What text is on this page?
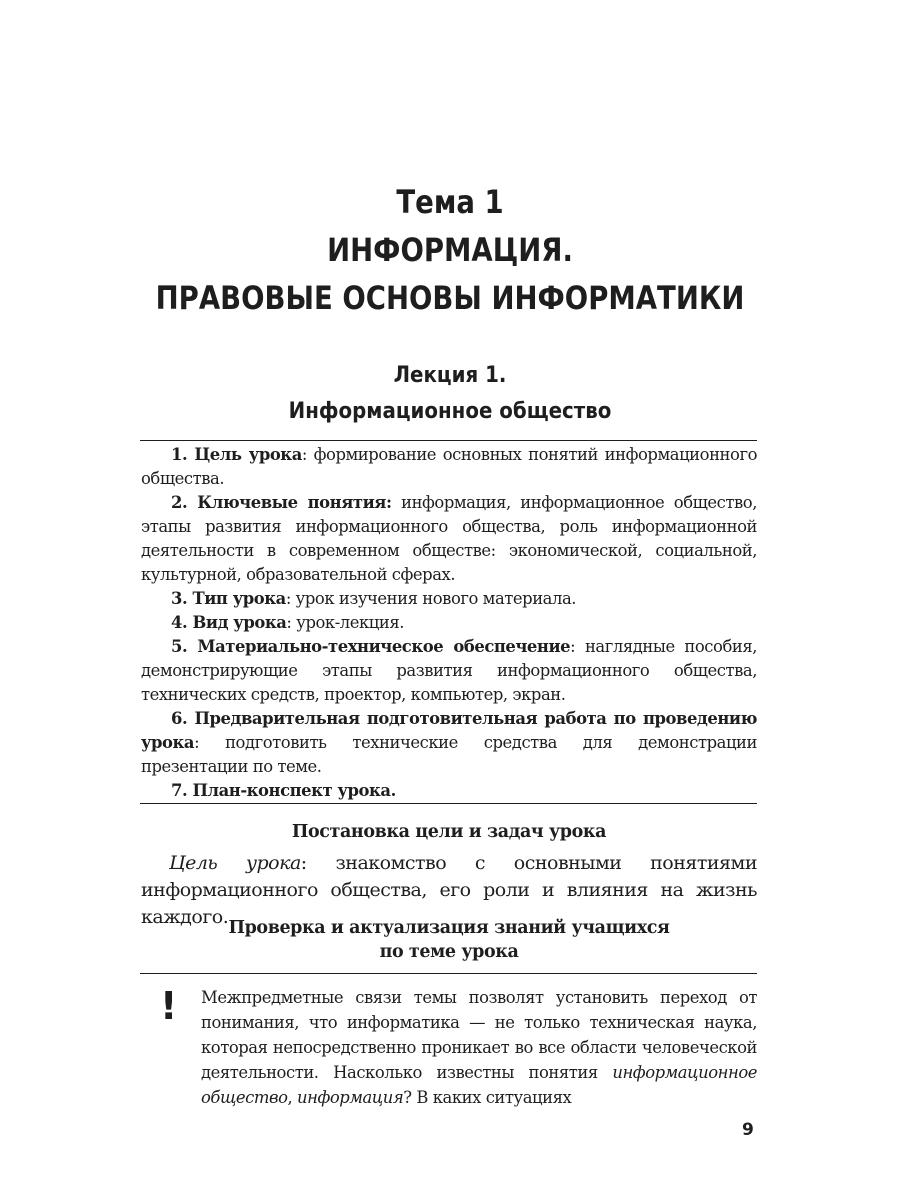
Тема 1
ИНФОРМАЦИЯ.
ПРАВОВЫЕ ОСНОВЫ ИНФОРМАТИКИ
Лекция 1.
Информационное общество

1. Цель урока: формирование основных понятий информационного общества.

2. Ключевые понятия: информация, информационное общество, этапы развития информационного общества, роль информационной деятельности в современном обществе: экономической, социальной, культурной, образовательной сферах.

3. Тип урока: урок изучения нового материала.

4. Вид урока: урок-лекция.

5. Материально-техническое обеспечение: наглядные пособия, демонстрирующие этапы развития информационного общества, технических средств, проектор, компьютер, экран.

6. Предварительная подготовительная работа по проведению урока: подготовить технические средства для демонстрации презентации по теме.

7. План-конспект урока.

Постановка цели и задач урока

Цель урока: знакомство с основными понятиями информационного общества, его роли и влияния на жизнь каждого. Проверка и актуализация знаний учащихся
по теме урока
! Межпредметные связи темы позволят установить переход от понимания, что информатика — не только техническая наука, которая непосредственно проникает во все области человеческой деятельности. Насколько известны понятия информационное общество, информация? В каких ситуациях

9
